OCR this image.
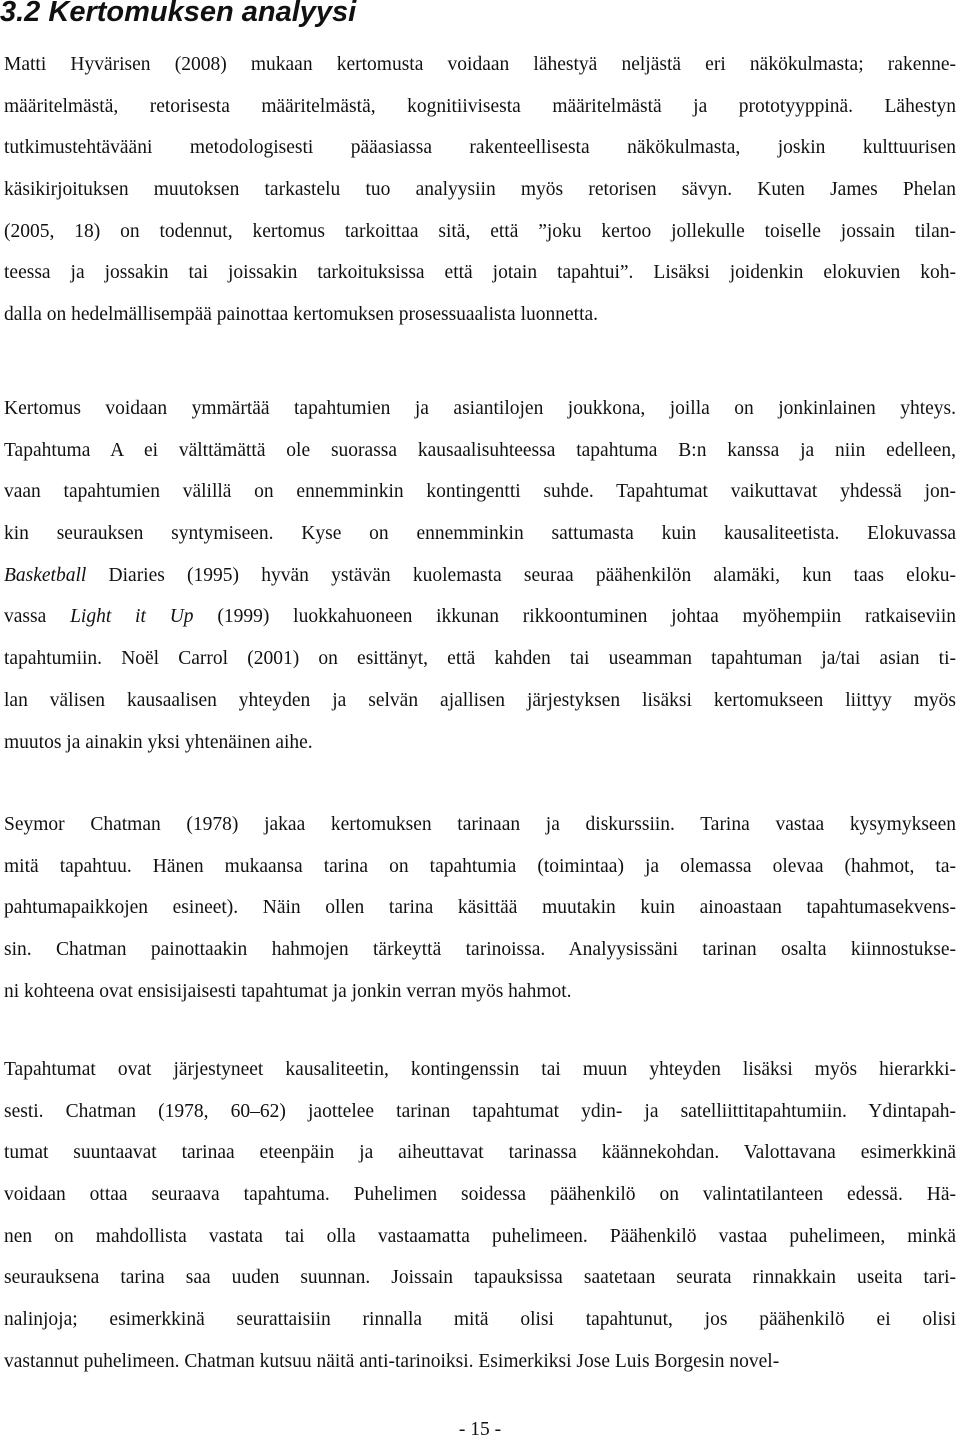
3.2 Kertomuksen analyysi
Matti Hyvärisen (2008) mukaan kertomusta voidaan lähestyä neljästä eri näkökulmasta; rakenne-
määritelmästä, retorisesta määritelmästä, kognitiivisesta määritelmästä ja prototyyppinä. Lähestyn
tutkimustehtävääni metodologisesti pääasiassa rakenteellisesta näkökulmasta, joskin kulttuurisen
käsikirjoituksen muutoksen tarkastelu tuo analyysiin myös retorisen sävyn. Kuten James Phelan
(2005, 18) on todennut, kertomus tarkoittaa sitä, että ”joku kertoo jollekulle toiselle jossain tilan-
teessa ja jossakin tai joissakin tarkoituksissa että jotain tapahtui”. Lisäksi joidenkin elokuvien koh-
dalla on hedelmällisempää painottaa kertomuksen prosessuaalista luonnetta.
Kertomus voidaan ymmärtää tapahtumien ja asiantilojen joukkona, joilla on jonkinlainen yhteys.
Tapahtuma A ei välttämättä ole suorassa kausaalisuhteessa tapahtuma B:n kanssa ja niin edelleen,
vaan tapahtumien välillä on ennemminkin kontingentti suhde. Tapahtumat vaikuttavat yhdessä jon-
kin seurauksen syntymiseen. Kyse on ennemminkin sattumasta kuin kausaliteetista. Elokuvassa
Basketball Diaries (1995) hyvän ystävän kuolemasta seuraa päähenkilön alamäki, kun taas eloku-
vassa Light it Up (1999) luokkahuoneen ikkunan rikkoontuminen johtaa myöhempiin ratkaiseviin
tapahtumiin. Noël Carrol (2001) on esittänyt, että kahden tai useamman tapahtuman ja/tai asian ti-
lan välisen kausaalisen yhteyden ja selvän ajallisen järjestyksen lisäksi kertomukseen liittyy myös
muutos ja ainakin yksi yhtenäinen aihe.
Seymor Chatman (1978) jakaa kertomuksen tarinaan ja diskurssiin. Tarina vastaa kysymykseen
mitä tapahtuu. Hänen mukaansa tarina on tapahtumia (toimintaa) ja olemassa olevaa (hahmot, ta-
pahtumapaikkojen esineet). Näin ollen tarina käsittää muutakin kuin ainoastaan tapahtumasekvens-
sin. Chatman painottaakin hahmojen tärkeyttä tarinoissa. Analyysissäni tarinan osalta kiinnostukse-
ni kohteena ovat ensisijaisesti tapahtumat ja jonkin verran myös hahmot.
Tapahtumat ovat järjestyneet kausaliteetin, kontingenssin tai muun yhteyden lisäksi myös hierarkki-
sesti. Chatman (1978, 60–62) jaottelee tarinan tapahtumat ydin- ja satelliittitapahtumiin. Ydintapah-
tumat suuntaavat tarinaa eteenpäin ja aiheuttavat tarinassa käännekohdan. Valottavana esimerkkinä
voidaan ottaa seuraava tapahtuma. Puhelimen soidessa päähenkilö on valintatilanteen edessä. Hä-
nen on mahdollista vastata tai olla vastaamatta puhelimeen. Päähenkilö vastaa puhelimeen, minkä
seurauksena tarina saa uuden suunnan. Joissain tapauksissa saatetaan seurata rinnakkain useita tari-
nalinjoja; esimerkkinä seurattaisiin rinnalla mitä olisi tapahtunut, jos päähenkilö ei olisi
vastannut puhelimeen. Chatman kutsuu näitä anti-tarinoiksi. Esimerkiksi Jose Luis Borgesin novel-
- 15 -
